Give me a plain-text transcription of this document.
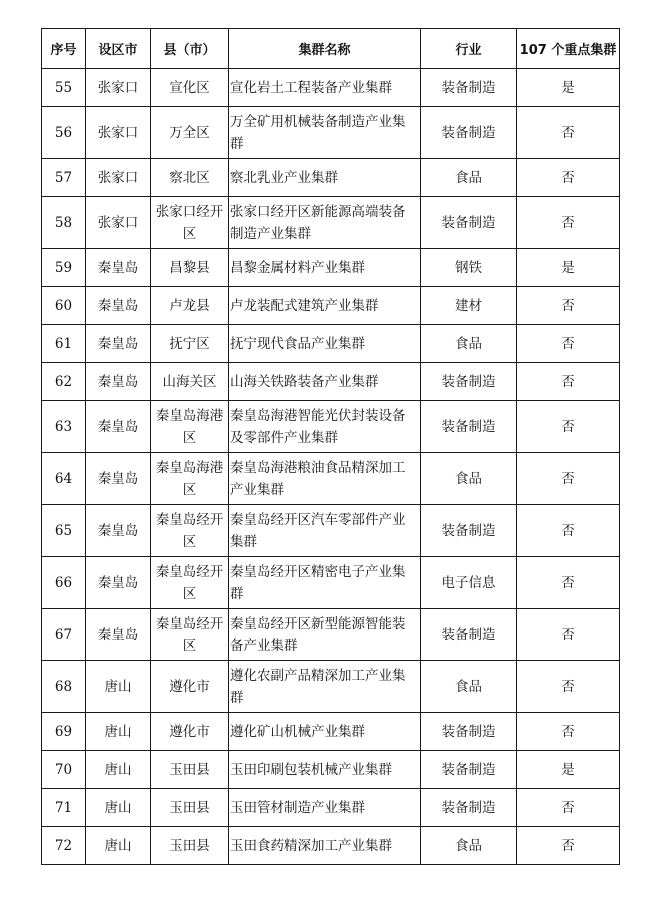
序号	设区市	县（市）	集群名称	行业	107 个重点集群
55	张家口	宣化区	宣化岩土工程装备产业集群	装备制造	是
56	张家口	万全区	万全矿用机械装备制造产业集群	装备制造	否
57	张家口	察北区	察北乳业产业集群	食品	否
58	张家口	张家口经开区	张家口经开区新能源高端装备制造产业集群	装备制造	否
59	秦皇岛	昌黎县	昌黎金属材料产业集群	钢铁	是
60	秦皇岛	卢龙县	卢龙装配式建筑产业集群	建材	否
61	秦皇岛	抚宁区	抚宁现代食品产业集群	食品	否
62	秦皇岛	山海关区	山海关铁路装备产业集群	装备制造	否
63	秦皇岛	秦皇岛海港区	秦皇岛海港智能光伏封装设备及零部件产业集群	装备制造	否
64	秦皇岛	秦皇岛海港区	秦皇岛海港粮油食品精深加工产业集群	食品	否
65	秦皇岛	秦皇岛经开区	秦皇岛经开区汽车零部件产业集群	装备制造	否
66	秦皇岛	秦皇岛经开区	秦皇岛经开区精密电子产业集群	电子信息	否
67	秦皇岛	秦皇岛经开区	秦皇岛经开区新型能源智能装备产业集群	装备制造	否
68	唐山	遵化市	遵化农副产品精深加工产业集群	食品	否
69	唐山	遵化市	遵化矿山机械产业集群	装备制造	否
70	唐山	玉田县	玉田印刷包装机械产业集群	装备制造	是
71	唐山	玉田县	玉田管材制造产业集群	装备制造	否
72	唐山	玉田县	玉田食药精深加工产业集群	食品	否
